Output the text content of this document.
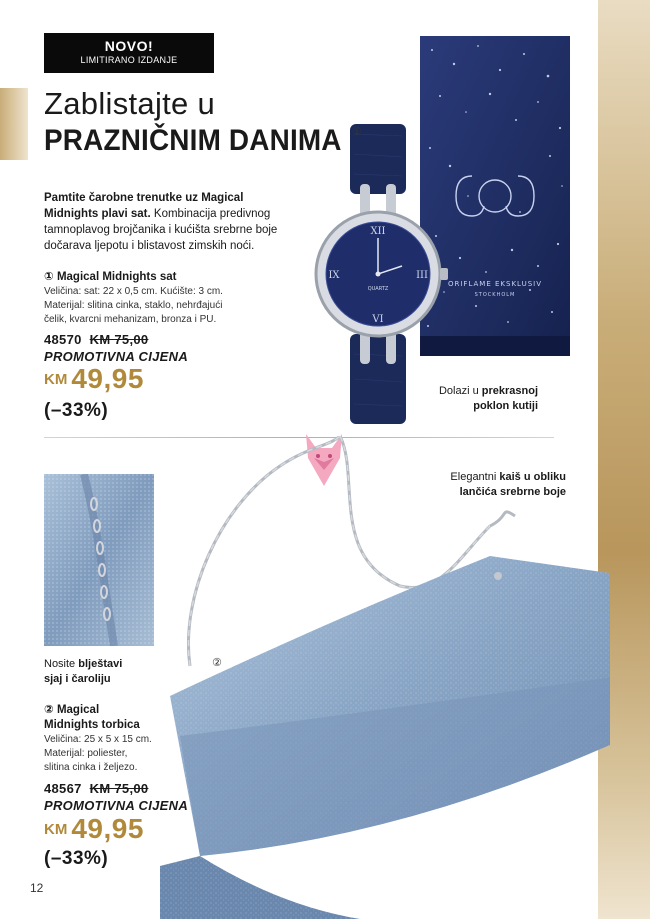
NOVO!
LIMITIRANO IZDANJE
Zablistajte u
PRAZNIČNIM DANIMA

Pamtite čarobne trenutke uz Magical Midnights plavi sat. Kombinacija predivnog tamnoplavog brojčanika i kućišta srebrne boje dočarava ljepotu i blistavost zimskih noći.

① Magical Midnights sat
Veličina: sat: 22 x 0,5 cm. Kućište: 3 cm.
Materijal: slitina cinka, staklo, nehrđajući
čelik, kvarcni mehanizam, bronza i PU.
48570 KM 75,00
PROMOTIVNA CIJENA
KM 49,95
(–33%)
ORIFLAME EKSKLUSIV
STOCKHOLM
XII
III
VI
IX
QUARTZ
①
Dolazi u prekrasnoj
poklon kutiji
Nosite blještavi
sjaj i čaroliju
Elegantni kaiš u obliku
lančića srebrne boje
②
② Magical
Midnights torbica
Veličina: 25 x 5 x 15 cm.
Materijal: poliester,
slitina cinka i željezo.
48567 KM 75,00
PROMOTIVNA CIJENA
KM 49,95
(–33%)
12
